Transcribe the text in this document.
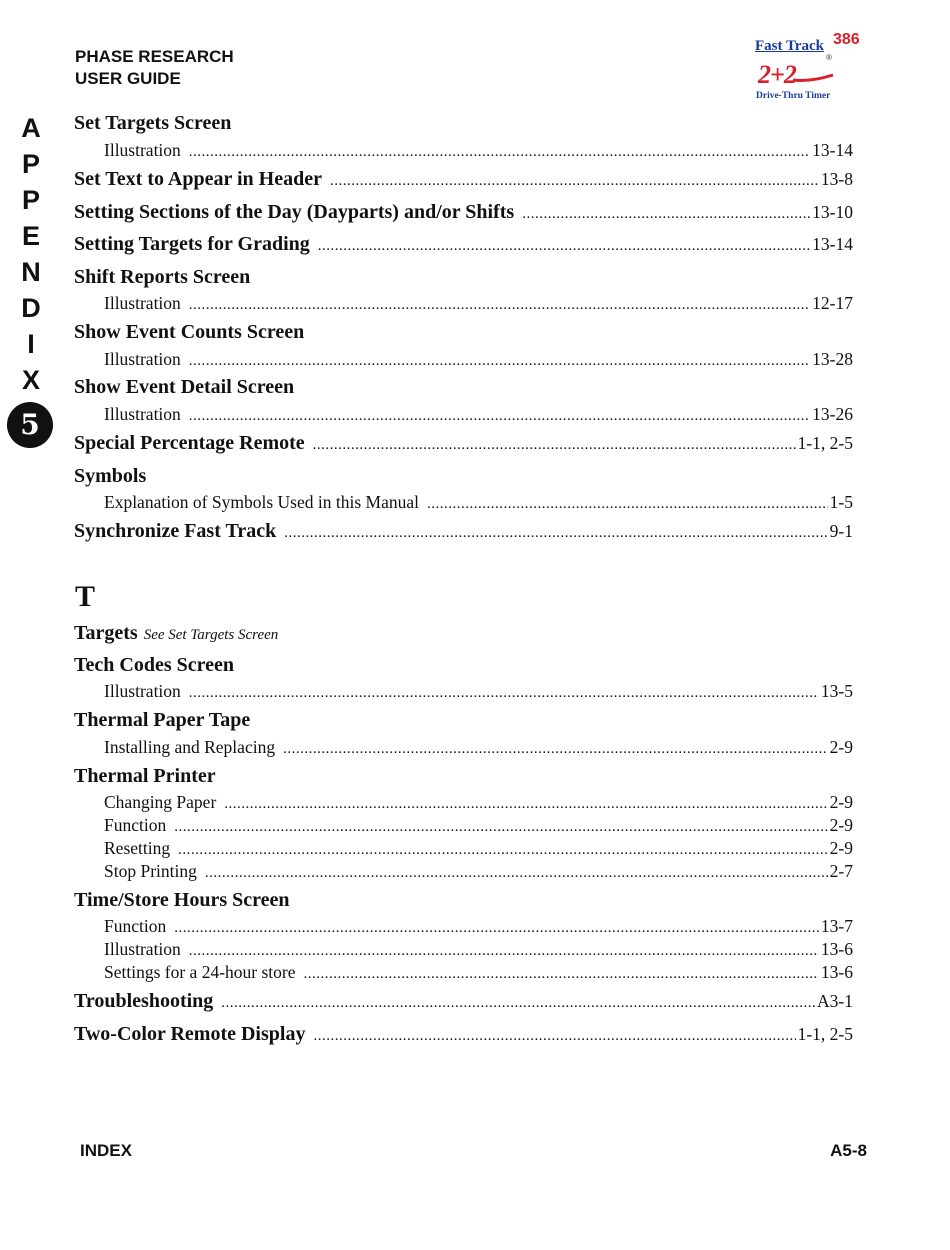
PHASE RESEARCH
USER GUIDE
Fast Track 386
®
2+2
Drive-Thru Timer
A
P
P
E
N
D
I
X
5
Set Targets Screen
Illustration .....	13-14
Set Text to Appear in Header .....	13-8
Setting Sections of the Day (Dayparts) and/or Shifts .....	13-10
Setting Targets for Grading .....	13-14
Shift Reports Screen
Illustration .....	12-17
Show Event Counts Screen
Illustration .....	13-28
Show Event Detail Screen
Illustration .....	13-26
Special Percentage Remote .....	1-1, 2-5
Symbols
Explanation of Symbols Used in this Manual .....	1-5
Synchronize Fast Track .....	9-1
T
Targets See Set Targets Screen
Tech Codes Screen
Illustration .....	13-5
Thermal Paper Tape
Installing and Replacing .....	2-9
Thermal Printer
Changing Paper .....	2-9
Function .....	2-9
Resetting .....	2-9
Stop Printing .....	2-7
Time/Store Hours Screen
Function .....	13-7
Illustration .....	13-6
Settings for a 24-hour store .....	13-6
Troubleshooting .....	A3-1
Two-Color Remote Display .....	1-1, 2-5
INDEX	A5-8
